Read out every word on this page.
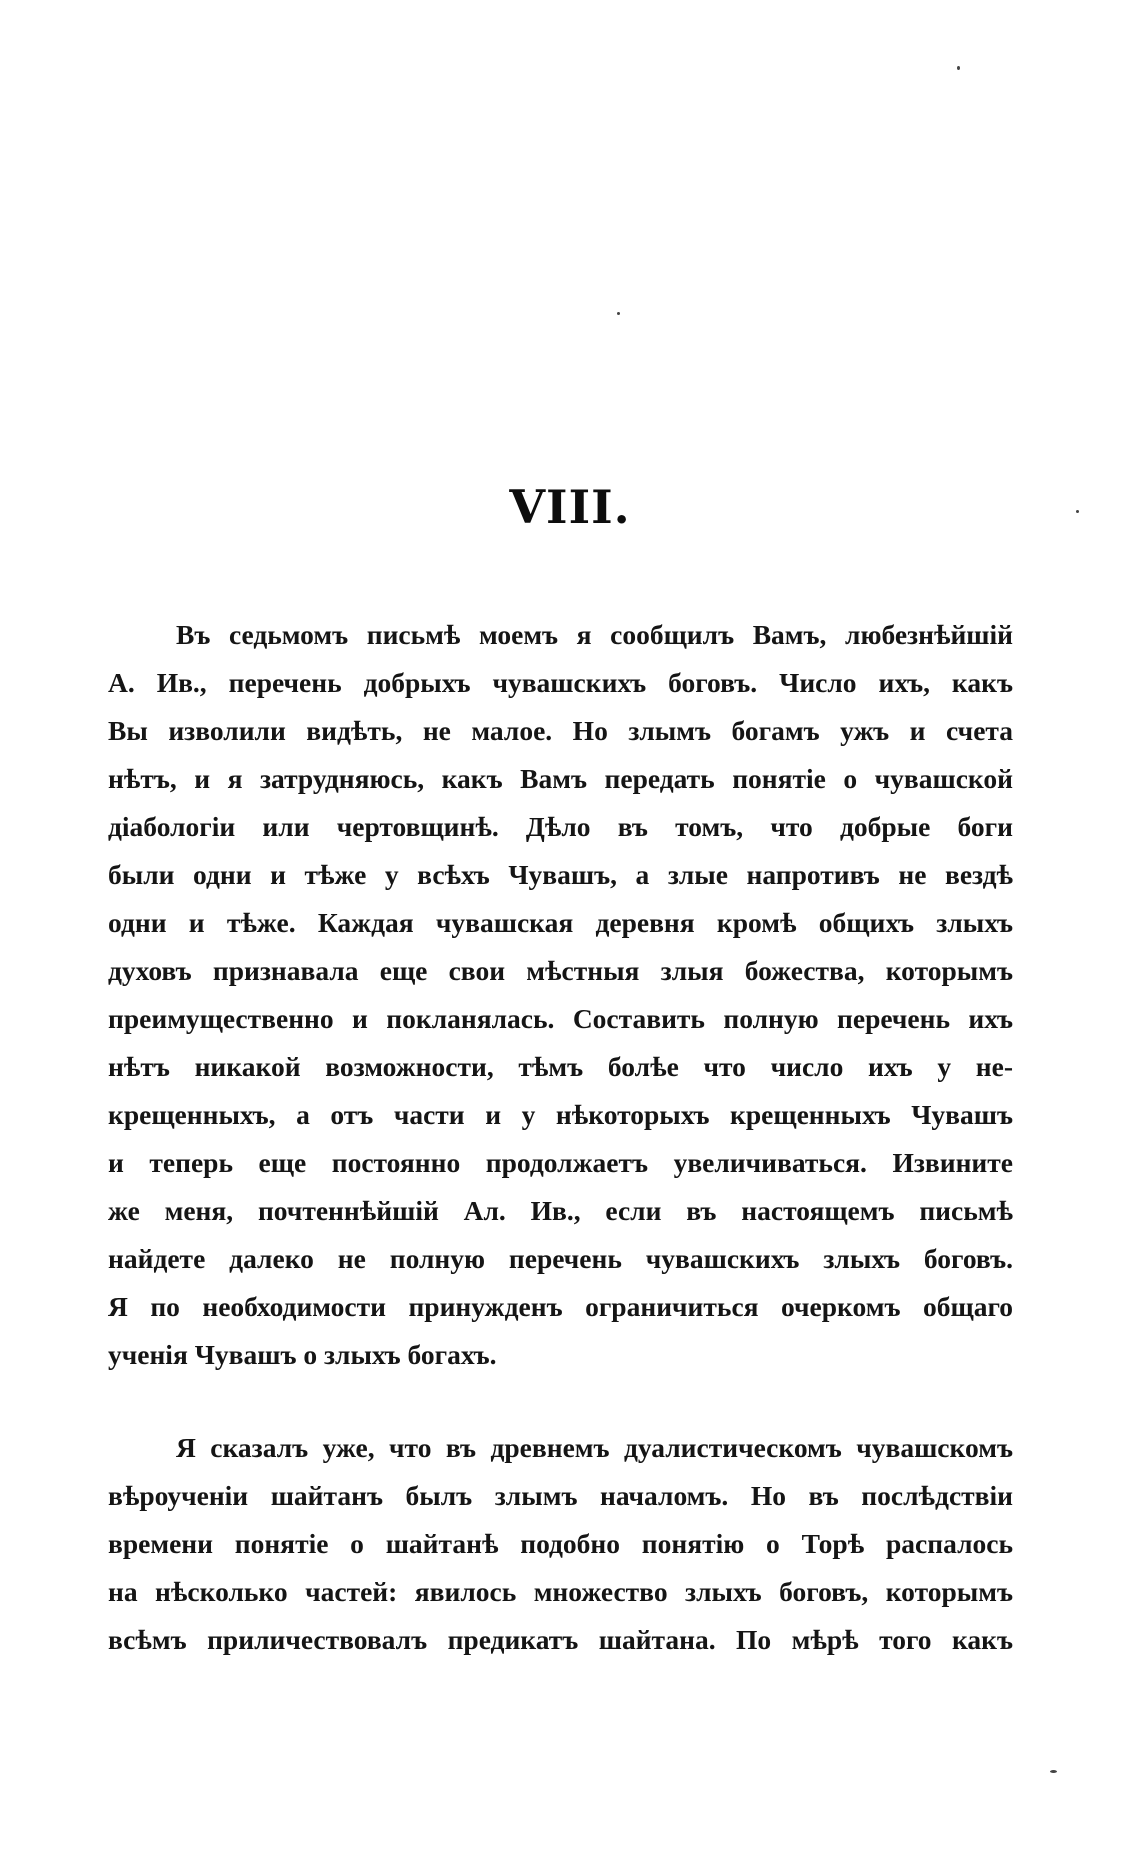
VIII.
Въ седьмомъ письмѣ моемъ я сообщилъ Вамъ, любезнѣйшій
А. Ив., перечень добрыхъ чувашскихъ боговъ. Число ихъ, какъ
Вы изволили видѣть, не малое. Но злымъ богамъ ужъ и счета
нѣтъ, и я затрудняюсь, какъ Вамъ передать понятіе о чувашской
діабологіи или чертовщинѣ. Дѣло въ томъ, что добрые боги
были одни и тѣже у всѣхъ Чувашъ, а злые напротивъ не вездѣ
одни и тѣже. Каждая чувашская деревня кромѣ общихъ злыхъ
духовъ признавала еще свои мѣстныя злыя божества, которымъ
преимущественно и покланялась. Составить полную перечень ихъ
нѣтъ никакой возможности, тѣмъ болѣе что число ихъ у не-
крещенныхъ, а отъ части и у нѣкоторыхъ крещенныхъ Чувашъ
и теперь еще постоянно продолжаетъ увеличиваться. Извините
же меня, почтеннѣйшій Ал. Ив., если въ настоящемъ письмѣ
найдете далеко не полную перечень чувашскихъ злыхъ боговъ.
Я по необходимости принужденъ ограничиться очеркомъ общаго
ученія Чувашъ о злыхъ богахъ.
Я сказалъ уже, что въ древнемъ дуалистическомъ чувашскомъ
вѣроученіи шайтанъ былъ злымъ началомъ. Но въ послѣдствіи
времени понятіе о шайтанѣ подобно понятію о Торѣ распалось
на нѣсколько частей: явилось множество злыхъ боговъ, которымъ
всѣмъ приличествовалъ предикатъ шайтана. По мѣрѣ того какъ
